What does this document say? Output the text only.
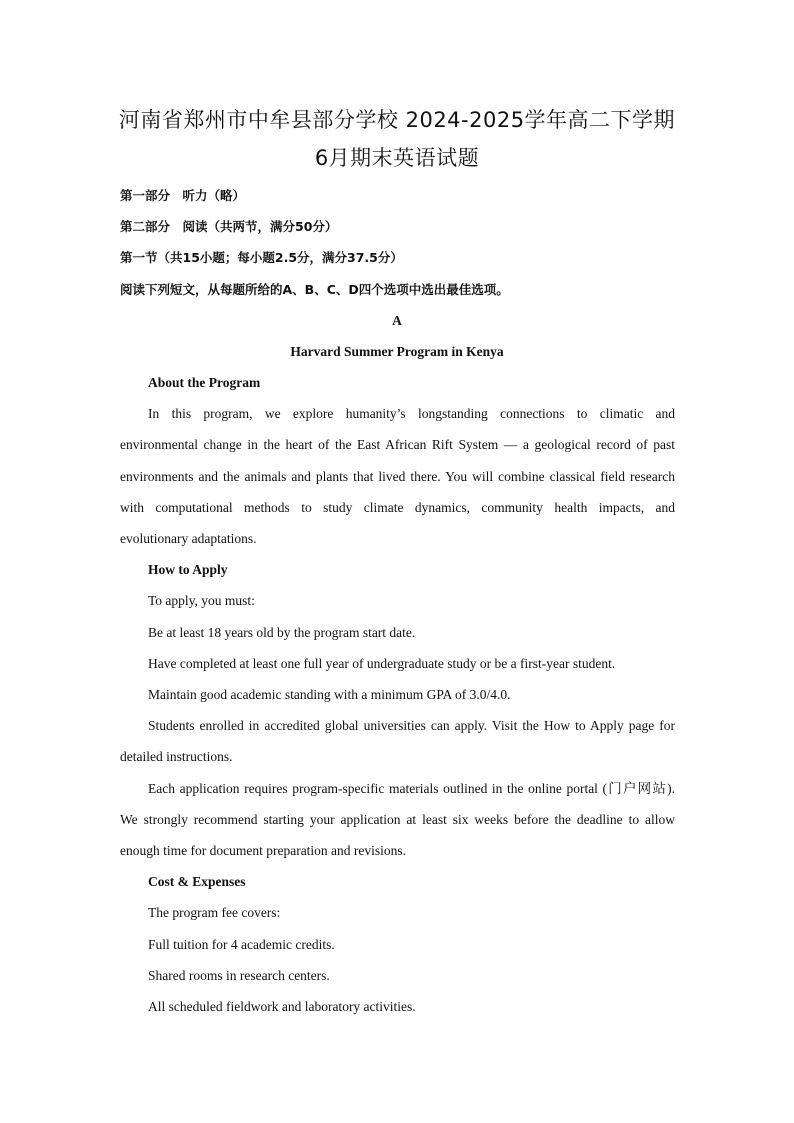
河南省郑州市中牟县部分学校 2024-2025学年高二下学期
6月期末英语试题
第一部分　听力（略）
第二部分　阅读（共两节，满分50分）
第一节（共15小题；每小题2.5分，满分37.5分）
阅读下列短文，从每题所给的A、B、C、D四个选项中选出最佳选项。
A
Harvard Summer Program in Kenya
About the Program
In this program, we explore humanity’s longstanding connections to climatic and
environmental change in the heart of the East African Rift System — a geological record of past
environments and the animals and plants that lived there. You will combine classical field research
with computational methods to study climate dynamics, community health impacts, and
evolutionary adaptations.
How to Apply
To apply, you must:
Be at least 18 years old by the program start date.
Have completed at least one full year of undergraduate study or be a first-year student.
Maintain good academic standing with a minimum GPA of 3.0/4.0.
Students enrolled in accredited global universities can apply. Visit the How to Apply page for
detailed instructions.
Each application requires program-specific materials outlined in the online portal (门户网站).
We strongly recommend starting your application at least six weeks before the deadline to allow
enough time for document preparation and revisions.
Cost & Expenses
The program fee covers:
Full tuition for 4 academic credits.
Shared rooms in research centers.
All scheduled fieldwork and laboratory activities.
